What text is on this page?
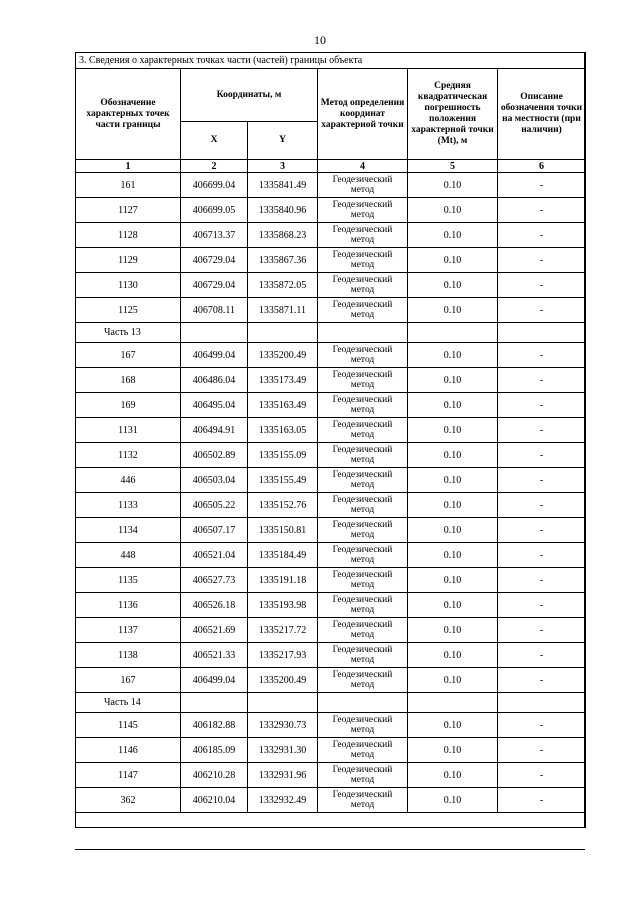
10
3. Сведения о характерных точках части (частей) границы объекта					
Обозначение характерных точек части границы	Координаты, м		Метод определения координат характерной точки	Средняя квадратическая погрешность положения характерной точки (Mt), м	Описание обозначения точки на местности (при наличии)
	X	Y			
1	2	3	4	5	6
161	406699.04	1335841.49	Геодезический метод	0.10	-
1127	406699.05	1335840.96	Геодезический метод	0.10	-
1128	406713.37	1335868.23	Геодезический метод	0.10	-
1129	406729.04	1335867.36	Геодезический метод	0.10	-
1130	406729.04	1335872.05	Геодезический метод	0.10	-
1125	406708.11	1335871.11	Геодезический метод	0.10	-
Часть 13					
167	406499.04	1335200.49	Геодезический метод	0.10	-
168	406486.04	1335173.49	Геодезический метод	0.10	-
169	406495.04	1335163.49	Геодезический метод	0.10	-
1131	406494.91	1335163.05	Геодезический метод	0.10	-
1132	406502.89	1335155.09	Геодезический метод	0.10	-
446	406503.04	1335155.49	Геодезический метод	0.10	-
1133	406505.22	1335152.76	Геодезический метод	0.10	-
1134	406507.17	1335150.81	Геодезический метод	0.10	-
448	406521.04	1335184.49	Геодезический метод	0.10	-
1135	406527.73	1335191.18	Геодезический метод	0.10	-
1136	406526.18	1335193.98	Геодезический метод	0.10	-
1137	406521.69	1335217.72	Геодезический метод	0.10	-
1138	406521.33	1335217.93	Геодезический метод	0.10	-
167	406499.04	1335200.49	Геодезический метод	0.10	-
Часть 14					
1145	406182.88	1332930.73	Геодезический метод	0.10	-
1146	406185.09	1332931.30	Геодезический метод	0.10	-
1147	406210.28	1332931.96	Геодезический метод	0.10	-
362	406210.04	1332932.49	Геодезический метод	0.10	-
